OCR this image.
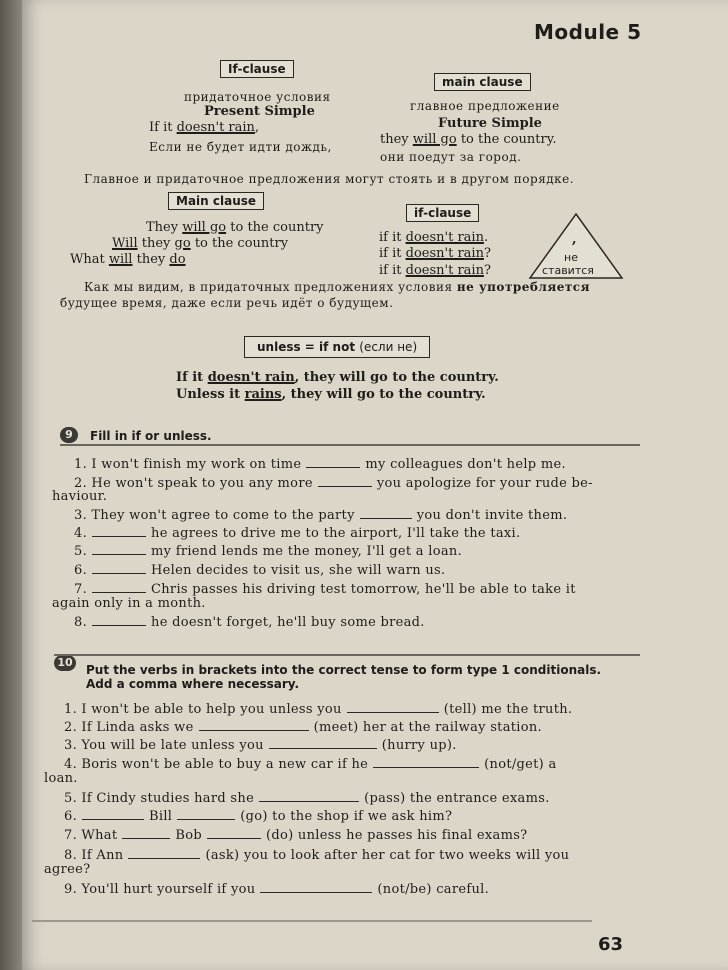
Module 5
If-clause
main clause
придаточное условия
Present Simple
If it doesn't rain,
Если не будет идти дождь,
главное предложение
Future Simple
they will go to the country.
они поедут за город.
Главное и придаточное предложения могут стоять и в другом порядке.
Main clause
if-clause
They will go to the country
Will they go to the country
What will they do
if it doesn't rain.
if it doesn't rain?
if it doesn't rain?
,
не
ставится
Как мы видим, в придаточных предложениях условия не употребляется
будущее время, даже если речь идёт о будущем.
unless = if not (если не)
If it doesn't rain, they will go to the country.
Unless it rains, they will go to the country.
9	Fill in if or unless.
1. I won't finish my work on time	my colleagues don't help me.
2. He won't speak to you any more	you apologize for your rude be-
haviour.
3. They won't agree to come to the party	you don't invite them.
4.	he agrees to drive me to the airport, I'll take the taxi.
5.	my friend lends me the money, I'll get a loan.
6.	Helen decides to visit us, she will warn us.
7.	Chris passes his driving test tomorrow, he'll be able to take it
again only in a month.
8.	he doesn't forget, he'll buy some bread.
10
Put the verbs in brackets into the correct tense to form type 1 conditionals.
Add a comma where necessary.
1. I won't be able to help you unless you	(tell) me the truth.
2. If Linda asks we	(meet) her at the railway station.
3. You will be late unless you	(hurry up).
4. Boris won't be able to buy a new car if he	(not/get) a
loan.
5. If Cindy studies hard she	(pass) the entrance exams.
6.	Bill	(go) to the shop if we ask him?
7. What	Bob	(do) unless he passes his final exams?
8. If Ann	(ask) you to look after her cat for two weeks will you
agree?
9. You'll hurt yourself if you	(not/be) careful.
63
